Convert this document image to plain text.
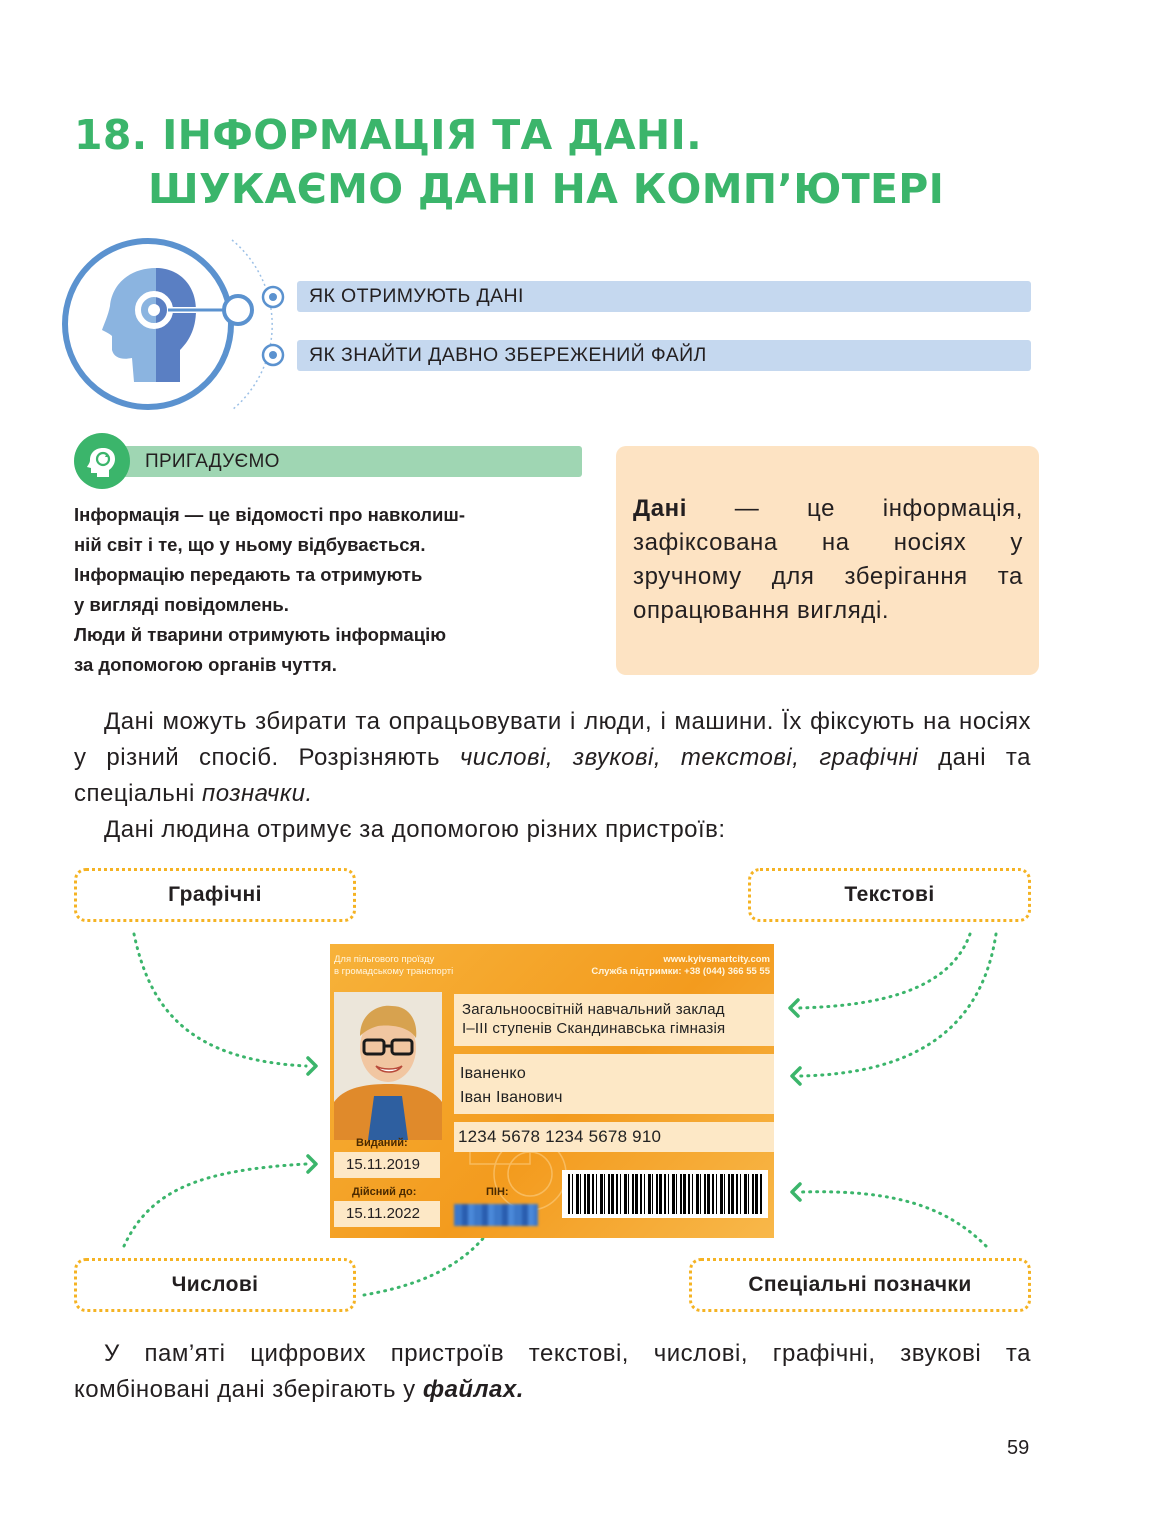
18. ІНФОРМАЦІЯ ТА ДАНІ.
ШУКАЄМО ДАНІ НА КОМП’ЮТЕРІ
ЯК ОТРИМУЮТЬ ДАНІ
ЯК ЗНАЙТИ ДАВНО ЗБЕРЕЖЕНИЙ ФАЙЛ
ПРИГАДУЄМО

Інформація — це відомості про навколиш-
ній світ і те, що у ньому відбувається.
Інформацію передають та отримують
у вигляді повідомлень.
Люди й тварини отримують інформацію
за допомогою органів чуття.

Дані — це інформація, зафіксована на носіях у зручному для зберігання та опрацювання вигляді.

Дані можуть збирати та опрацьовувати і люди, і машини. Їх фіксують на носіях у різний спосіб. Розрізняють числові, звукові, текстові, графічні дані та спеціальні позначки.

Дані людина отримує за допомогою різних пристроїв:

Графічні	Текстові
Числові	Спеціальні позначки
Для пільгового проїзду
в громадському транспорті
www.kyivsmartcity.com
Служба підтримки: +38 (044) 366 55 55
Загальноосвітній навчальний заклад
І–ІІІ ступенів Скандинавська гімназія
Іваненко
Іван Іванович
1234 5678 1234 5678 910
Виданий:
15.11.2019
Дійсний до:
15.11.2022
ПІН:

У пам’яті цифрових пристроїв текстові, числові, графічні, звукові та комбіновані дані зберігають у файлах.

59
